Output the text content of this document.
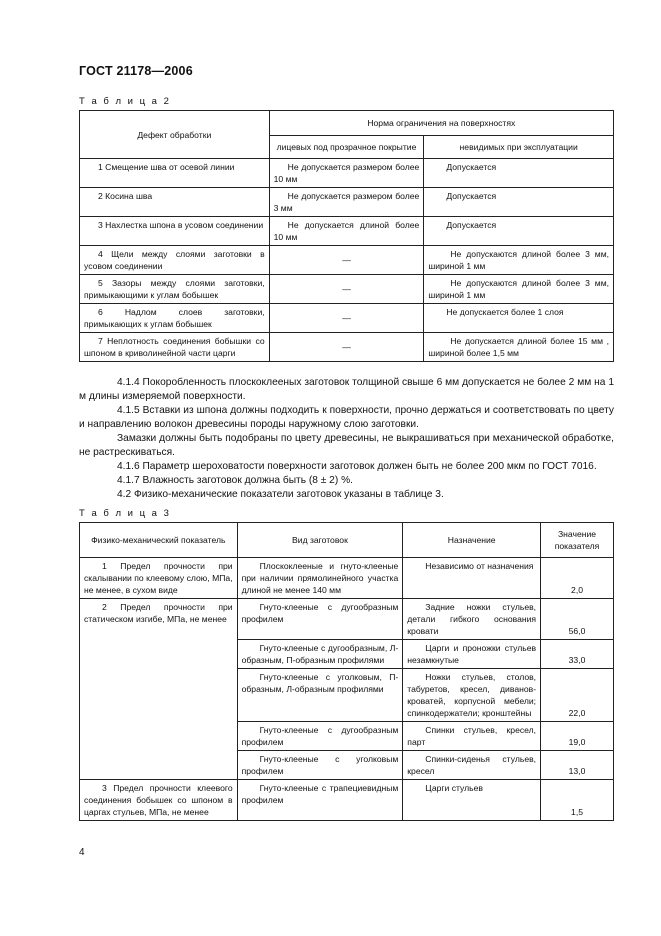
ГОСТ 21178—2006
Т а б л и ц а 2
Дефект обработки	Норма ограничения на поверхностях	
	лицевых под прозрачное покрытие	невидимых при эксплуатации
1 Смещение шва от осевой линии	Не допускается размером более 10 мм	Допускается
2 Косина шва	Не допускается размером более 3 мм	Допускается
3 Нахлестка шпона в усовом соединении	Не допускается длиной более 10 мм	Допускается
4 Щели между слоями заготовки в усовом соединении	—	Не допускаются длиной более 3 мм, шириной 1 мм
5 Зазоры между слоями заготовки, примыкающими к углам бобышек	—	Не допускаются длиной более 3 мм, шириной 1 мм
6 Надлом слоев заготовки, примыкающих к углам бобышек	—	Не допускается более 1 слоя
7 Неплотность соединения бобышки со шпоном в криволинейной части царги	—	Не допускается длиной более 15 мм , шириной более 1,5 мм
4.1.4 Покоробленность плоскоклееных заготовок толщиной свыше 6 мм допускается не более 2 мм на 1 м длины измеряемой поверхности.
4.1.5 Вставки из шпона должны подходить к поверхности, прочно держаться и соответствовать по цвету и направлению волокон древесины породы наружному слою заготовки.
Замазки должны быть подобраны по цвету древесины, не выкрашиваться при механической обработке, не растрескиваться.
4.1.6 Параметр шероховатости поверхности заготовок должен быть не более 200 мкм по ГОСТ 7016.
4.1.7 Влажность заготовок должна быть (8 ± 2) %.
4.2 Физико-механические показатели заготовок указаны в таблице 3.
Т а б л и ц а 3
Физико-механический показатель	Вид заготовок	Назначение	Значение показателя
1 Предел прочности при скалывании по клеевому слою, МПа, не менее, в сухом виде	Плоскоклееные и гнуто-клееные при наличии прямолинейного участка длиной не менее 140 мм	Независимо от назначения	2,0
2 Предел прочности при статическом изгибе, МПа, не менее	Гнуто-клееные с дугообразным профилем	Задние ножки стульев, детали гибкого основания кровати	56,0
	Гнуто-клееные с дугообразным, Л-образным, П-образным профилями	Царги и проножки стульев незамкнутые	33,0
	Гнуто-клееные с уголковым, П-образным, Л-образным профилями	Ножки стульев, столов, табуретов, кресел, диванов-кроватей, корпусной мебели; спинкодержатели; кронштейны	22,0
	Гнуто-клееные с дугообразным профилем	Спинки стульев, кресел, парт	19,0
	Гнуто-клееные с уголковым профилем	Спинки-сиденья стульев, кресел	13,0
3 Предел прочности клеевого соединения бобышек со шпоном в царгах стульев, МПа, не менее	Гнуто-клееные с трапециевидным профилем	Царги стульев	1,5
4
